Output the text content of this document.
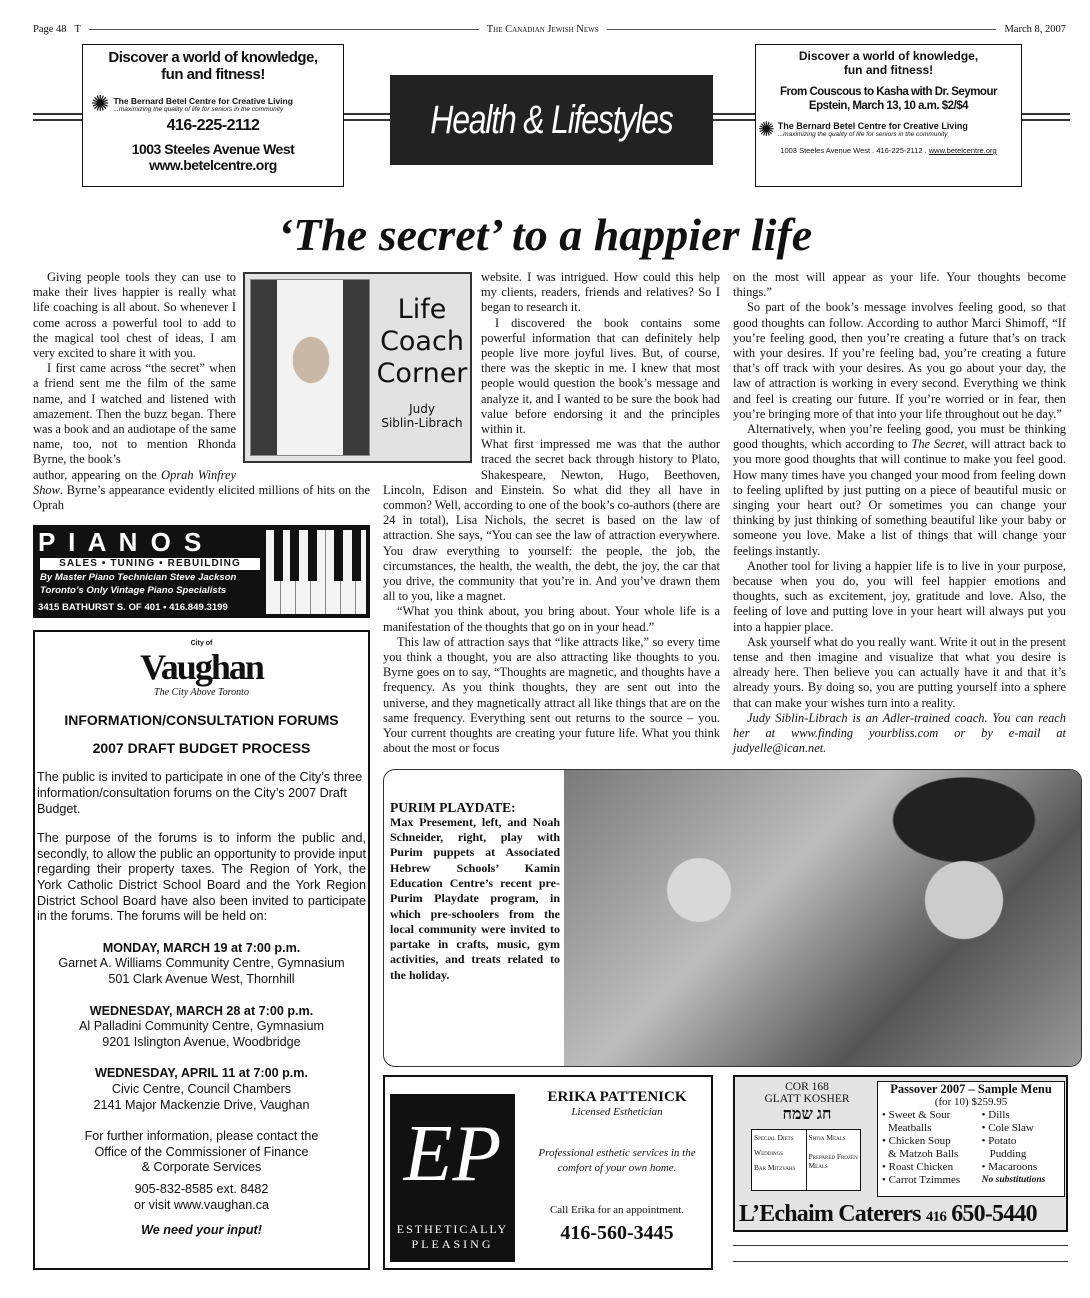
Page 48 T	The Canadian Jewish News	March 8, 2007
Discover a world of knowledge,
fun and fitness!
✺ The Bernard Betel Centre for Creative Living
...maximizing the quality of life for seniors in the community
416-225-2112
1003 Steeles Avenue West
www.betelcentre.org
Health & Lifestyles
Discover a world of knowledge,
fun and fitness!
From Couscous to Kasha with Dr. Seymour
Epstein, March 13, 10 a.m. $2/$4
✺ The Bernard Betel Centre for Creative Living
...maximizing the quality of life for seniors in the community
1003 Steeles Avenue West . 416-225-2112 . www.betelcentre.org
‘The secret’ to a happier life
Life
Coach
Corner
Judy
Siblin-Librach

Giving people tools they can use to make their lives happier is really what life coaching is all about. So whenever I come across a powerful tool to add to the magical tool chest of ideas, I am very excited to share it with you.

I first came across “the secret” when a friend sent me the film of the same name, and I watched and listened with amazement. Then the buzz began. There was a book and an audiotape of the same name, too, not to mention Rhonda Byrne, the book’s

author, appearing on the Oprah Winfrey Show. Byrne’s appearance evidently elicited millions of hits on the Oprah

P I A N O S
SALES • TUNING • REBUILDING
By Master Piano Technician Steve Jackson
Toronto’s Only Vintage Piano Specialists
3415 BATHURST S. OF 401 • 416.849.3199
City of
Vaughan
The City Above Toronto
INFORMATION/CONSULTATION FORUMS
2007 DRAFT BUDGET PROCESS

The public is invited to participate in one of the City’s three information/consultation forums on the City’s 2007 Draft Budget.

The purpose of the forums is to inform the public and, secondly, to allow the public an opportunity to provide input regarding their property taxes. The Region of York, the York Catholic District School Board and the York Region District School Board have also been invited to participate in the forums. The forums will be held on:

MONDAY, MARCH 19 at 7:00 p.m.
Garnet A. Williams Community Centre, Gymnasium
501 Clark Avenue West, Thornhill
WEDNESDAY, MARCH 28 at 7:00 p.m.
Al Palladini Community Centre, Gymnasium
9201 Islington Avenue, Woodbridge
WEDNESDAY, APRIL 11 at 7:00 p.m.
Civic Centre, Council Chambers
2141 Major Mackenzie Drive, Vaughan
For further information, please contact the
Office of the Commissioner of Finance
& Corporate Services
905-832-8585 ext. 8482
or visit www.vaughan.ca
We need your input!

website. I was intrigued. How could this help my clients, readers, friends and relatives? So I began to research it.

I discovered the book contains some powerful information that can definitely help people live more joyful lives. But, of course, there was the skeptic in me. I knew that most people would question the book’s message and analyze it, and I wanted to be sure the book had value before endorsing it and the principles within it.

What first impressed me was that the author traced the secret back through

history to Plato, Shakespeare, Newton, Hugo, Beethoven, Lincoln, Edison and Einstein. So what did they all have in common? Well, according to one of the book’s co-authors (there are 24 in total), Lisa Nichols, the secret is based on the law of attraction. She says, “You can see the law of attraction everywhere. You draw everything to yourself: the people, the job, the circumstances, the health, the wealth, the debt, the joy, the car that you drive, the community that you’re in. And you’ve drawn them all to you, like a magnet.

“What you think about, you bring about. Your whole life is a manifestation of the thoughts that go on in your head.”

This law of attraction says that “like attracts like,” so every time you think a thought, you are also attracting like thoughts to you. Byrne goes on to say, “Thoughts are magnetic, and thoughts have a frequency. As you think thoughts, they are sent out into the universe, and they magnetically attract all like things that are on the same frequency. Everything sent out returns to the source – you. Your current thoughts are creating your future life. What you think about the most or focus

on the most will appear as your life. Your thoughts become things.”

So part of the book’s message involves feeling good, so that good thoughts can follow. According to author Marci Shimoff, “If you’re feeling good, then you’re creating a future that’s on track with your desires. If you’re feeling bad, you’re creating a future that’s off track with your desires. As you go about your day, the law of attraction is working in every second. Everything we think and feel is creating our future. If you’re worried or in fear, then you’re bringing more of that into your life throughout out he day.”

Alternatively, when you’re feeling good, you must be thinking good thoughts, which according to The Secret, will attract back to you more good thoughts that will continue to make you feel good. How many times have you changed your mood from feeling down to feeling uplifted by just putting on a piece of beautiful music or singing your heart out? Or sometimes you can change your thinking by just thinking of something beautiful like your baby or someone you love. Make a list of things that will change your feelings instantly.

Another tool for living a happier life is to live in your purpose, because when you do, you will feel happier emotions and thoughts, such as excitement, joy, gratitude and love. Also, the feeling of love and putting love in your heart will always put you into a happier place.

Ask yourself what do you really want. Write it out in the present tense and then imagine and visualize that what you desire is already here. Then believe you can actually have it and that it’s already yours. By doing so, you are putting yourself into a sphere that can make your wishes turn into a reality.

Judy Siblin-Librach is an Adler-trained coach. You can reach her at www.finding yourbliss.com or by e-mail at judyelle@ican.net.

PURIM PLAYDATE:
Max Presement, left, and Noah Schneider, right, play with Purim puppets at Associated Hebrew Schools’ Kamin Education Centre’s recent pre-Purim Playdate program, in which pre-schoolers from the local community were invited to partake in crafts, music, gym activities, and treats related to the holiday.
EP
ESTHETICALLY
PLEASING
ERIKA PATTENICK
Licensed Esthetician
Professional esthetic services in the comfort of your own home.
Call Erika for an appointment.
416-560-3445
COR 168
GLATT KOSHER
חג שמח
Special Diets
Weddings
Bar Mitzvahs
Shiva Meals
Prepared Frozen Meals
Passover 2007 – Sample Menu
(for 10) $259.95
• Sweet & Sour
Meatballs
• Chicken Soup
& Matzoh Balls
• Roast Chicken
• Carrot Tzimmes
• Dills
• Cole Slaw
• Potato
Pudding
• Macaroons
No substitutions
L’Echaim Caterers 416 650-5440
